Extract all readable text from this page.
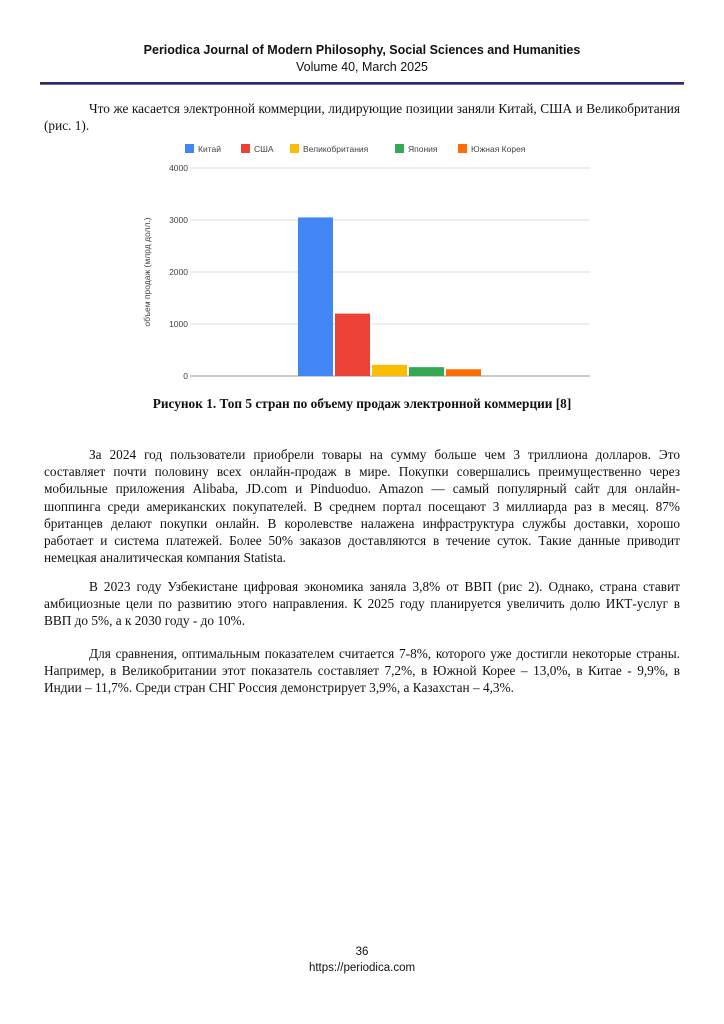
Periodica Journal of Modern Philosophy, Social Sciences and Humanities
Volume 40, March 2025

Что же касается электронной коммерции, лидирующие позиции заняли Китай, США и Великобритания (рис. 1).

Китай	США	Великобритания	Япония	Южная Корея
0
1000
2000
3000
4000
объем продаж (млрд долл.)
Рисунок 1. Топ 5 стран по объему продаж электронной коммерции [8]

За 2024 год пользователи приобрели товары на сумму больше чем 3 триллиона долларов. Это составляет почти половину всех онлайн-продаж в мире. Покупки совершались преимущественно через мобильные приложения Alibaba, JD.com и Pinduoduo. Amazon — самый популярный сайт для онлайн-шоппинга среди американских покупателей. В среднем портал посещают 3 миллиарда раз в месяц. 87% британцев делают покупки онлайн. В королевстве налажена инфраструктура службы доставки, хорошо работает и система платежей. Более 50% заказов доставляются в течение суток. Такие данные приводит немецкая аналитическая компания Statista.

В 2023 году Узбекистане цифровая экономика заняла 3,8% от ВВП (рис 2). Однако, страна ставит амбициозные цели по развитию этого направления. К 2025 году планируется увеличить долю ИКТ-услуг в ВВП до 5%, а к 2030 году - до 10%.

Для сравнения, оптимальным показателем считается 7-8%, которого уже достигли некоторые страны. Например, в Великобритании этот показатель составляет 7,2%, в Южной Корее – 13,0%, в Китае - 9,9%, в Индии – 11,7%. Среди стран СНГ Россия демонстрирует 3,9%, а Казахстан – 4,3%.

36
https://periodica.com
